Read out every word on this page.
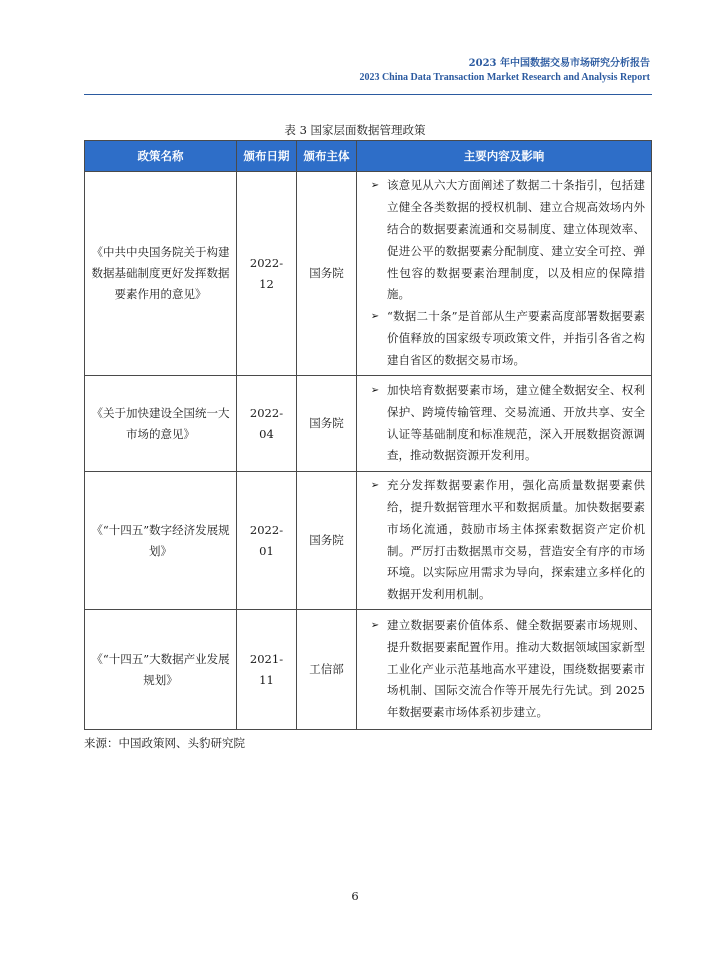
2023 年中国数据交易市场研究分析报告
2023 China Data Transaction Market Research and Analysis Report
表 3 国家层面数据管理政策
政策名称	颁布日期	颁布主体	主要内容及影响
《中共中央国务院关于构建数据基础制度更好发挥数据要素作用的意见》	2022-12	国务院	➢ 该意见从六大方面阐述了数据二十条指引，包括建立健全各类数据的授权机制、建立合规高效场内外结合的数据要素流通和交易制度、建立体现效率、促进公平的数据要素分配制度、建立安全可控、弹性包容的数据要素治理制度，以及相应的保障措施。
➢ “数据二十条”是首部从生产要素高度部署数据要素价值释放的国家级专项政策文件，并指引各省之构建自省区的数据交易市场。

《关于加快建设全国统一大市场的意见》	2022-04	国务院	➢ 加快培育数据要素市场，建立健全数据安全、权利保护、跨境传输管理、交易流通、开放共享、安全认证等基础制度和标准规范，深入开展数据资源调查，推动数据资源开发利用。

《“十四五”数字经济发展规划》	2022-01	国务院	➢ 充分发挥数据要素作用，强化高质量数据要素供给，提升数据管理水平和数据质量。加快数据要素市场化流通，鼓励市场主体探索数据资产定价机制。严厉打击数据黑市交易，营造安全有序的市场环境。以实际应用需求为导向，探索建立多样化的数据开发利用机制。

《“十四五”大数据产业发展规划》	2021-11	工信部	➢ 建立数据要素价值体系、健全数据要素市场规则、提升数据要素配置作用。推动大数据领域国家新型工业化产业示范基地高水平建设，围绕数据要素市场机制、国际交流合作等开展先行先试。到 2025 年数据要素市场体系初步建立。
来源：中国政策网、头豹研究院
6
